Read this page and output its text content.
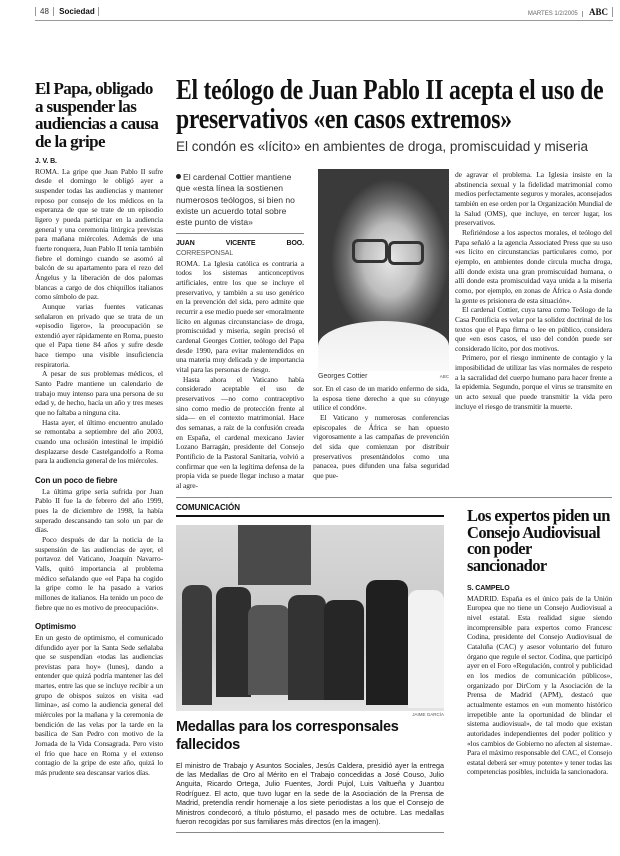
48 Sociedad	MARTES 1/2/2005 ABC
El Papa, obligado a suspender las audiencias a causa de la gripe
J. V. B.

ROMA. La gripe que Juan Pablo II sufre desde el domingo le obligó ayer a suspender todas las audiencias y mantener reposo por consejo de los médicos en la esperanza de que se trate de un episodio ligero y pueda participar en la audiencia general y una ceremonia litúrgica previstas para mañana miércoles. Además de una fuerte ronquera, Juan Pablo II tenía también fiebre el domingo cuando se asomó al balcón de su apartamento para el rezo del Ángelus y la liberación de dos palomas blancas a cargo de dos chiquillos italianos como símbolo de paz.

Aunque varias fuentes vaticanas señalaron en privado que se trata de un «episodio ligero», la preocupación se extendió ayer rápidamente en Roma, puesto que el Papa tiene 84 años y sufre desde hace tiempo una visible insuficiencia respiratoria.

A pesar de sus problemas médicos, el Santo Padre mantiene un calendario de trabajo muy intenso para una persona de su edad y, de hecho, hacía un año y tres meses que no faltaba a ninguna cita.

Hasta ayer, el último encuentro anulado se remontaba a septiembre del año 2003, cuando una oclusión intestinal le impidió desplazarse desde Castelgandolfo a Roma para la audiencia general de los miércoles.

Con un poco de fiebre

La última gripe sería sufrida por Juan Pablo II fue la de febrero del año 1999, pues la de diciembre de 1998, la había superado descansando tan solo un par de días.

Poco después de dar la noticia de la suspensión de las audiencias de ayer, el portavoz del Vaticano, Joaquín Navarro-Valls, quitó importancia al problema médico señalando que «el Papa ha cogido la gripe como le ha pasado a varios millones de italianos. Ha tenido un poco de fiebre que no es motivo de preocupación».

Optimismo

En un gesto de optimismo, el comunicado difundido ayer por la Santa Sede señalaba que se suspendían «todas las audiencias previstas para hoy» (lunes), dando a entender que quizá podría mantener las del martes, entre las que se incluye recibir a un grupo de obispos suizos en visita «ad limina», así como la audiencia general del miércoles por la mañana y la ceremonia de bendición de las velas por la tarde en la basílica de San Pedro con motivo de la Jornada de la Vida Consagrada. Pero visto el frío que hace en Roma y el extenso contagio de la gripe de este año, quizá lo más prudente sea descansar varios días.

El teólogo de Juan Pablo II acepta el uso de preservativos «en casos extremos»
El condón es «lícito» en ambientes de droga, promiscuidad y miseria
El cardenal Cottier mantiene que «esta línea la sostienen numerosos teólogos, si bien no existe un acuerdo total sobre este punto de vista»
JUAN VICENTE BOO. CORRESPONSAL

ROMA. La Iglesia católica es contraria a todos los sistemas anticonceptivos artificiales, entre los que se incluye el preservativo, y también a su uso genérico en la prevención del sida, pero admite que recurrir a ese medio puede ser «moralmente lícito en algunas circunstancias» de droga, promiscuidad y miseria, según precisó el cardenal Georges Cottier, teólogo del Papa desde 1990, para evitar malentendidos en una materia muy delicada y de importancia vital para las personas de riesgo.

Hasta ahora el Vaticano había considerado aceptable el uso de preservativos —no como contraceptivo sino como medio de protección frente al sida— en el contexto matrimonial. Hace dos semanas, a raíz de la confusión creada en España, el cardenal mexicano Javier Lozano Barragán, presidente del Consejo Pontificio de la Pastoral Sanitaria, volvió a confirmar que «en la legítima defensa de la propia vida se puede llegar incluso a matar al agre-

Georges Cottier	ABC

sor. En el caso de un marido enfermo de sida, la esposa tiene derecho a que su cónyuge utilice el condón».

El Vaticano y numerosas conferencias episcopales de África se han opuesto vigorosamente a las campañas de prevención del sida que comienzan por distribuir preservativos presentándolos como una panacea, pues difunden una falsa seguridad que pue-

de agravar el problema. La Iglesia insiste en la abstinencia sexual y la fidelidad matrimonial como medios perfectamente seguros y morales, aconsejados también en ese orden por la Organización Mundial de la Salud (OMS), que incluye, en tercer lugar, los preservativos.

Refiriéndose a los aspectos morales, el teólogo del Papa señaló a la agencia Associated Press que su uso «es lícito en circunstancias particulares como, por ejemplo, en ambientes donde circula mucha droga, allí donde exista una gran promiscuidad humana, o allí donde esta promiscuidad vaya unida a la miseria como, por ejemplo, en zonas de África o Asia donde la gente es prisionera de esta situación».

El cardenal Cottier, cuya tarea como Teólogo de la Casa Pontificia es velar por la solidez doctrinal de los textos que el Papa firma o lee en público, considera que «en esos casos, el uso del condón puede ser considerado lícito, por dos motivos.

Primero, por el riesgo inminente de contagio y la imposibilidad de utilizar las vías normales de respeto a la sacralidad del cuerpo humano para hacer frente a la epidemia. Segundo, porque el virus se transmite en un acto sexual que puede transmitir la vida pero incluye el riesgo de transmitir la muerte.

COMUNICACIÓN
JAIME GARCÍA
Medallas para los corresponsales fallecidos
El ministro de Trabajo y Asuntos Sociales, Jesús Caldera, presidió ayer la entrega de las Medallas de Oro al Mérito en el Trabajo concedidas a José Couso, Julio Anguita, Ricardo Ortega, Julio Fuentes, Jordi Pujol, Luis Valtueña y Juantxu Rodríguez. El acto, que tuvo lugar en la sede de la Asociación de la Prensa de Madrid, pretendía rendir homenaje a los siete periodistas a los que el Consejo de Ministros condecoró, a título póstumo, el pasado mes de octubre. Las medallas fueron recogidas por sus familiares más directos (en la imagen).
Los expertos piden un Consejo Audiovisual con poder sancionador
S. CAMPELO

MADRID. España es el único país de la Unión Europea que no tiene un Consejo Audiovisual a nivel estatal. Esta realidad sigue siendo incomprensible para expertos como Francesc Codina, presidente del Consejo Audiovisual de Cataluña (CAC) y asesor voluntario del futuro órgano que regule el sector. Codina, que participó ayer en el Foro «Regulación, control y publicidad en los medios de comunicación públicos», organizado por DirCom y la Asociación de la Prensa de Madrid (APM), destacó que actualmente estamos en «un momento histórico irrepetible ante la oportunidad de blindar el sistema audiovisual», de tal modo que existan autoridades independientes del poder político y «los cambios de Gobierno no afecten al sistema». Para el máximo responsable del CAC, el Consejo estatal deberá ser «muy potente» y tener todas las competencias posibles, incluida la sancionadora.
